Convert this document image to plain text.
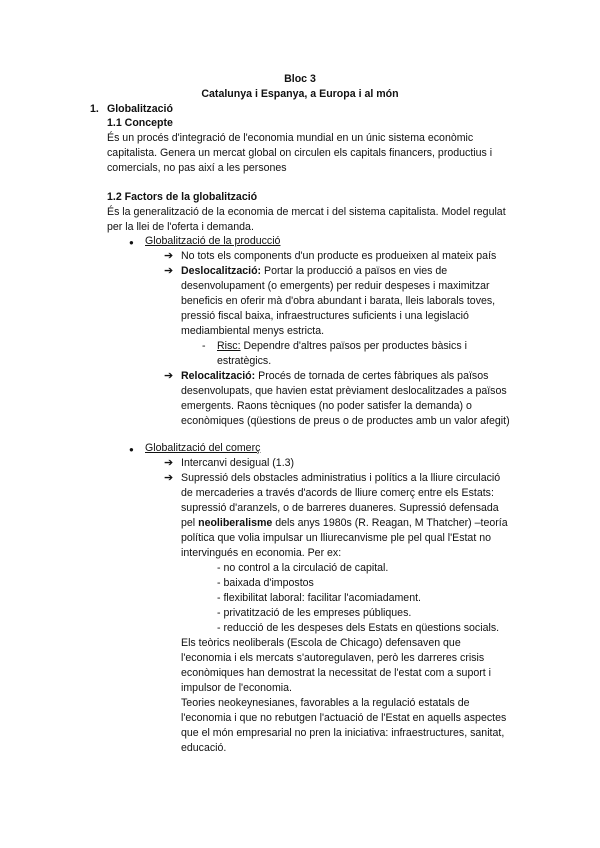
Bloc 3
Catalunya i Espanya, a Europa i al món
1. Globalització
1.1 Concepte
És un procés d'integració de l'economia mundial en un únic sistema econòmic
capitalista. Genera un mercat global on circulen els capitals financers, productius i
comercials, no pas així a les persones
1.2 Factors de la globalització
És la generalització de la economia de mercat i del sistema capitalista. Model regulat
per la llei de l'oferta i demanda.
● Globalització de la producció
➔ No tots els components d'un producte es produeixen al mateix país
➔ Deslocalització: Portar la producció a països en vies de
desenvolupament (o emergents) per reduir despeses i maximitzar
beneficis en oferir mà d'obra abundant i barata, lleis laborals toves,
pressió fiscal baixa, infraestructures suficients i una legislació
mediambiental menys estricta.
- Risc: Dependre d'altres països per productes bàsics i
estratègics.
➔ Relocalització: Procés de tornada de certes fàbriques als països
desenvolupats, que havien estat prèviament deslocalitzades a països
emergents. Raons tècniques (no poder satisfer la demanda) o
econòmiques (qüestions de preus o de productes amb un valor afegit)
● Globalització del comerç
➔ Intercanvi desigual (1.3)
➔ Supressió dels obstacles administratius i polítics a la lliure circulació
de mercaderies a través d'acords de lliure comerç entre els Estats:
supressió d'aranzels, o de barreres duaneres. Supressió defensada
pel neoliberalisme dels anys 1980s (R. Reagan, M Thatcher) –teoría
política que volia impulsar un lliurecanvisme ple pel qual l'Estat no
intervingués en economia. Per ex:
- no control a la circulació de capital.
- baixada d'impostos
- flexibilitat laboral: facilitar l'acomiadament.
- privatització de les empreses públiques.
- reducció de les despeses dels Estats en qüestions socials.
Els teòrics neoliberals (Escola de Chicago) defensaven que
l'economia i els mercats s'autoregulaven, però les darreres crisis
econòmiques han demostrat la necessitat de l'estat com a suport i
impulsor de l'economia.
Teories neokeynesianes, favorables a la regulació estatals de
l'economia i que no rebutgen l'actuació de l'Estat en aquells aspectes
que el món empresarial no pren la iniciativa: infraestructures, sanitat,
educació.
